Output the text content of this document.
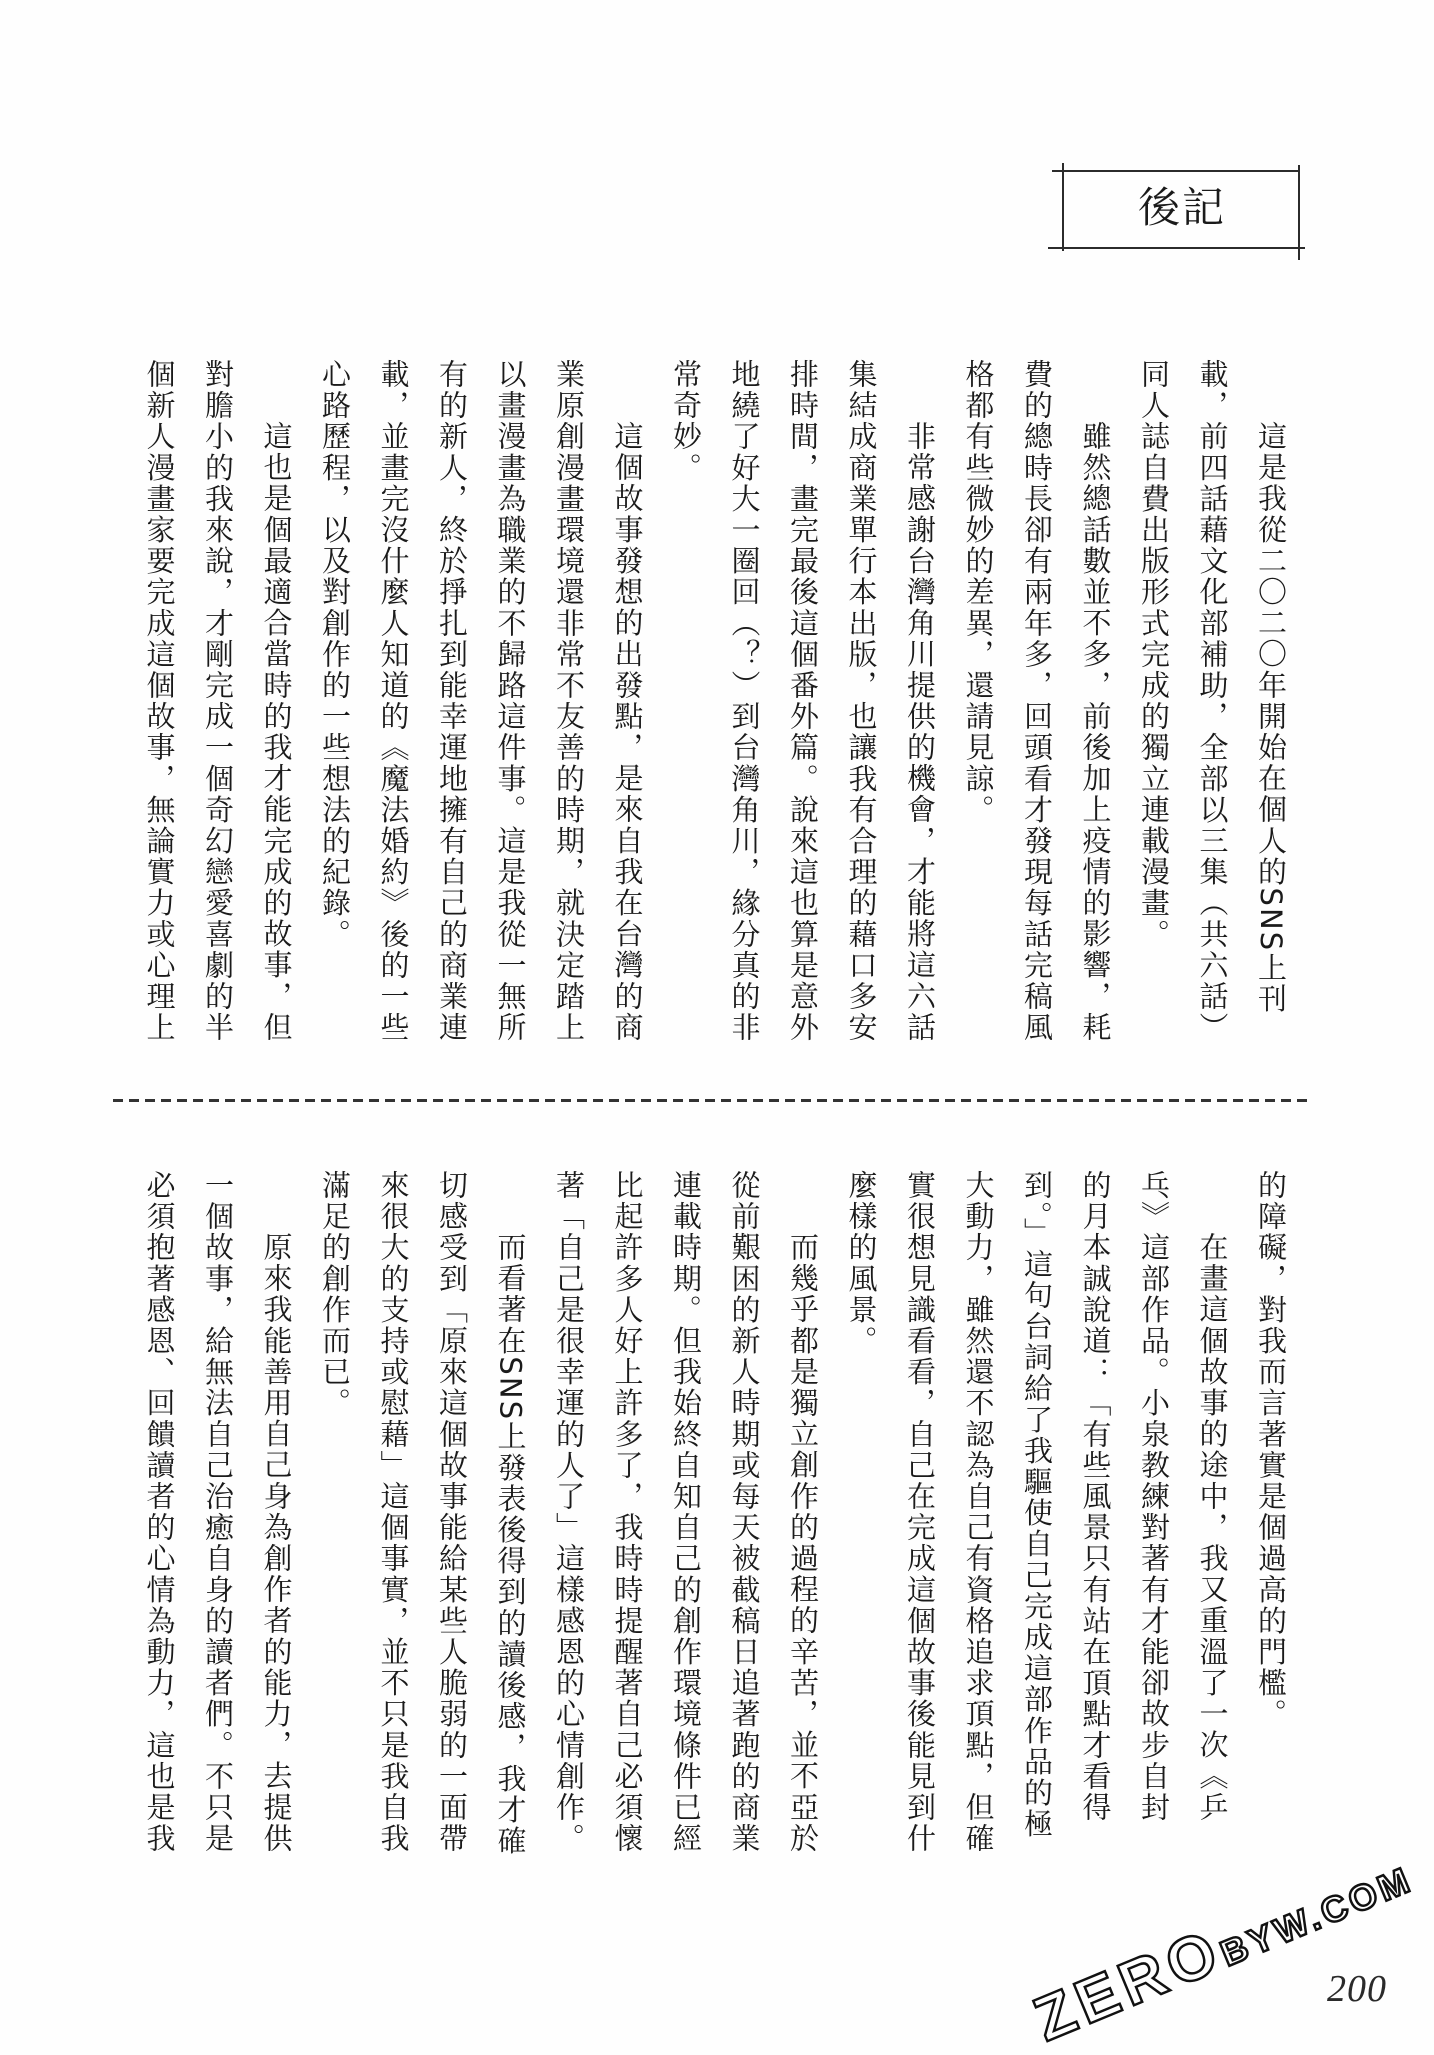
後記
這是我從二〇二〇年開始在個人的SNS上刊
載，前四話藉文化部補助，全部以三集（共六話）
同人誌自費出版形式完成的獨立連載漫畫。
雖然總話數並不多，前後加上疫情的影響，耗
費的總時長卻有兩年多，回頭看才發現每話完稿風
格都有些微妙的差異，還請見諒。
非常感謝台灣角川提供的機會，才能將這六話
集結成商業單行本出版，也讓我有合理的藉口多安
排時間，畫完最後這個番外篇。說來這也算是意外
地繞了好大一圈回（？）到台灣角川，緣分真的非
常奇妙。
這個故事發想的出發點，是來自我在台灣的商
業原創漫畫環境還非常不友善的時期，就決定踏上
以畫漫畫為職業的不歸路這件事。這是我從一無所
有的新人，終於掙扎到能幸運地擁有自己的商業連
載，並畫完沒什麼人知道的《魔法婚約》後的一些
心路歷程，以及對創作的一些想法的紀錄。
這也是個最適合當時的我才能完成的故事，但
對膽小的我來說，才剛完成一個奇幻戀愛喜劇的半
個新人漫畫家要完成這個故事，無論實力或心理上
的障礙，對我而言著實是個過高的門檻。
在畫這個故事的途中，我又重溫了一次《乒
乓》這部作品。小泉教練對著有才能卻故步自封
的月本誠說道：「有些風景只有站在頂點才看得
到。」這句台詞給了我驅使自己完成這部作品的極
大動力，雖然還不認為自己有資格追求頂點，但確
實很想見識看看，自己在完成這個故事後能見到什
麼樣的風景。
而幾乎都是獨立創作的過程的辛苦，並不亞於
從前艱困的新人時期或每天被截稿日追著跑的商業
連載時期。但我始終自知自己的創作環境條件已經
比起許多人好上許多了，我時時提醒著自己必須懷
著「自己是很幸運的人了」這樣感恩的心情創作。
而看著在SNS上發表後得到的讀後感，我才確
切感受到「原來這個故事能給某些人脆弱的一面帶
來很大的支持或慰藉」這個事實，並不只是我自我
滿足的創作而已。
原來我能善用自己身為創作者的能力，去提供
一個故事，給無法自己治癒自身的讀者們。不只是
必須抱著感恩、回饋讀者的心情為動力，這也是我
200
ZEROBYW.COM
